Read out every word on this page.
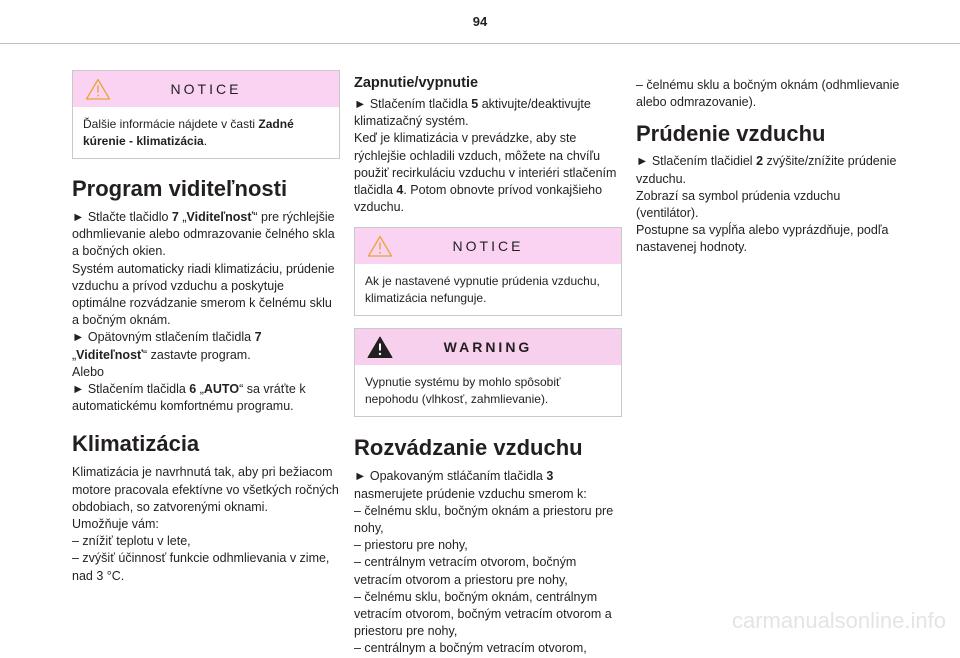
94
NOTICE

Ďalšie informácie nájdete v časti Zadné kúrenie - klimatizácia.

Program viditeľnosti

► Stlačte tlačidlo 7 „Viditeľnosť“ pre rýchlejšie odhmlievanie alebo odmrazovanie čelného skla a bočných okien.

Systém automaticky riadi klimatizáciu, prúdenie vzduchu a prívod vzduchu a poskytuje optimálne rozvádzanie smerom k čelnému sklu a bočným oknám.

► Opätovným stlačením tlačidla 7 „Viditeľnosť“ zastavte program.

Alebo

► Stlačením tlačidla 6 „AUTO“ sa vráťte k automatickému komfortnému programu.

Klimatizácia

Klimatizácia je navrhnutá tak, aby pri bežiacom motore pracovala efektívne vo všetkých ročných obdobiach, so zatvorenými oknami.

Umožňuje vám:

– znížiť teplotu v lete,

– zvýšiť účinnosť funkcie odhmlievania v zime, nad 3 °C.

Zapnutie/vypnutie

► Stlačením tlačidla 5 aktivujte/deaktivujte klimatizačný systém.

Keď je klimatizácia v prevádzke, aby ste rýchlejšie ochladili vzduch, môžete na chvíľu použiť recirkuláciu vzduchu v interiéri stlačením tlačidla 4. Potom obnovte prívod vonkajšieho vzduchu.

NOTICE

Ak je nastavené vypnutie prúdenia vzduchu, klimatizácia nefunguje.

WARNING

Vypnutie systému by mohlo spôsobiť nepohodu (vlhkosť, zahmlievanie).

Rozvádzanie vzduchu

► Opakovaným stláčaním tlačidla 3 nasmerujete prúdenie vzduchu smerom k:

– čelnému sklu, bočným oknám a priestoru pre nohy,

– priestoru pre nohy,

– centrálnym vetracím otvorom, bočným vetracím otvorom a priestoru pre nohy,

– čelnému sklu, bočným oknám, centrálnym vetracím otvorom, bočným vetracím otvorom a priestoru pre nohy,

– centrálnym a bočným vetracím otvorom,

– čelnému sklu a bočným oknám (odhmlievanie alebo odmrazovanie).

Prúdenie vzduchu

► Stlačením tlačidiel 2 zvýšite/znížite prúdenie vzduchu.

Zobrazí sa symbol prúdenia vzduchu (ventilátor).

Postupne sa vypĺňa alebo vyprázdňuje, podľa nastavenej hodnoty.

carmanualsonline.info
